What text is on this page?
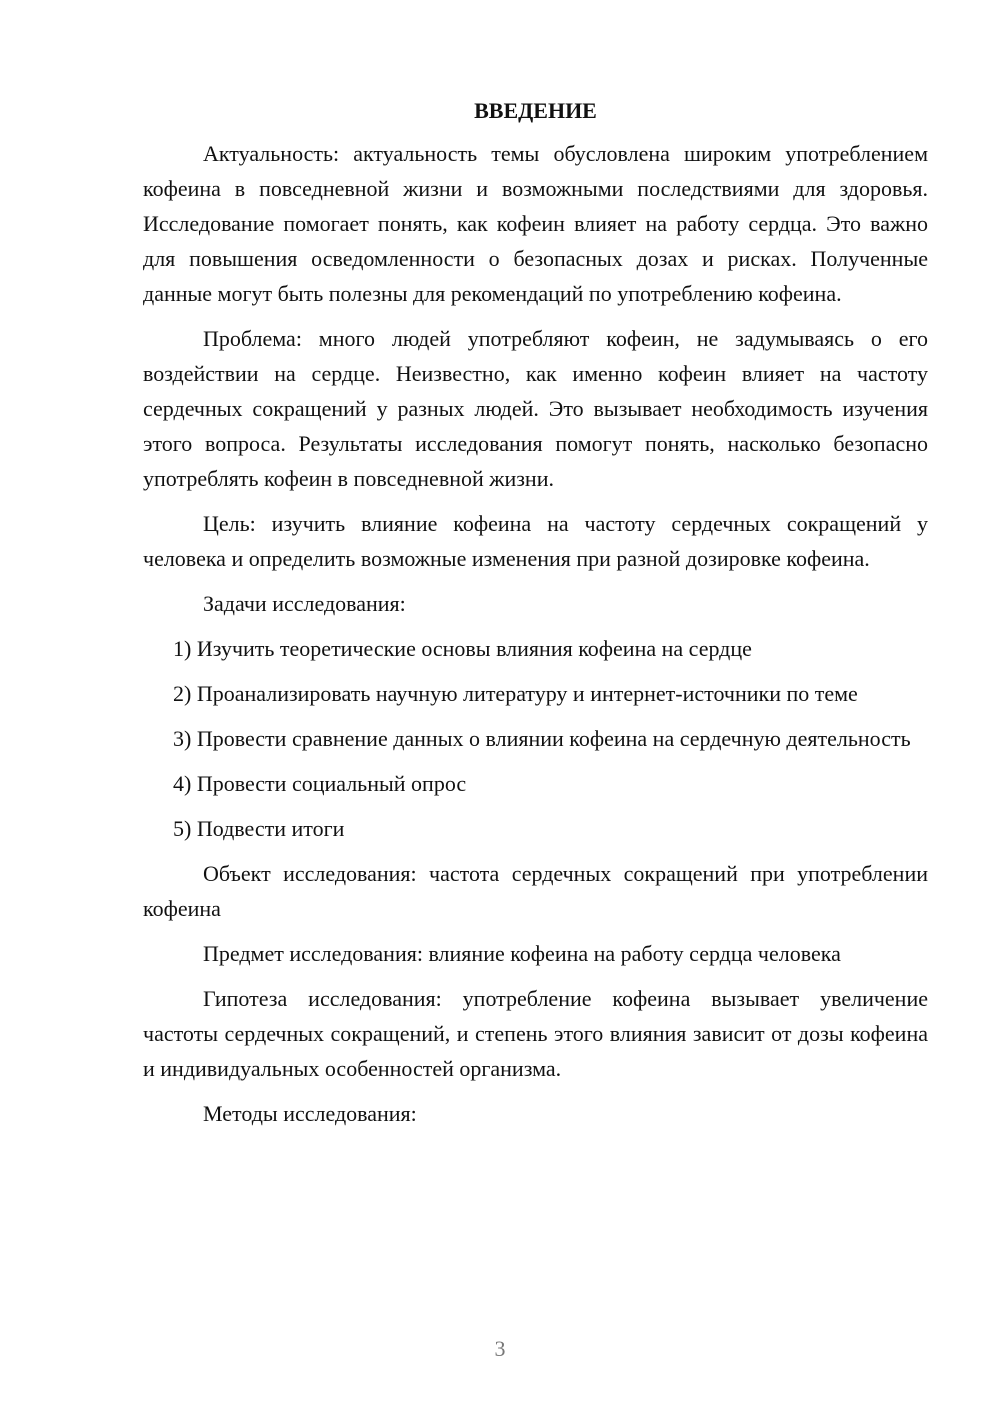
ВВЕДЕНИЕ

Актуальность: актуальность темы обусловлена широким употреблением кофеина в повседневной жизни и возможными последствиями для здоровья. Исследование помогает понять, как кофеин влияет на работу сердца. Это важно для повышения осведомленности о безопасных дозах и рисках. Полученные данные могут быть полезны для рекомендаций по употреблению кофеина.

Проблема: много людей употребляют кофеин, не задумываясь о его воздействии на сердце. Неизвестно, как именно кофеин влияет на частоту сердечных сокращений у разных людей. Это вызывает необходимость изучения этого вопроса. Результаты исследования помогут понять, насколько безопасно употреблять кофеин в повседневной жизни.

Цель: изучить влияние кофеина на частоту сердечных сокращений у человека и определить возможные изменения при разной дозировке кофеина.

Задачи исследования:

1) Изучить теоретические основы влияния кофеина на сердце

2) Проанализировать научную литературу и интернет-источники по теме

3) Провести сравнение данных о влиянии кофеина на сердечную деятельность

4) Провести социальный опрос

5) Подвести итоги

Объект исследования: частота сердечных сокращений при употреблении кофеина

Предмет исследования: влияние кофеина на работу сердца человека

Гипотеза исследования: употребление кофеина вызывает увеличение частоты сердечных сокращений, и степень этого влияния зависит от дозы кофеина и индивидуальных особенностей организма.

Методы исследования:

3
